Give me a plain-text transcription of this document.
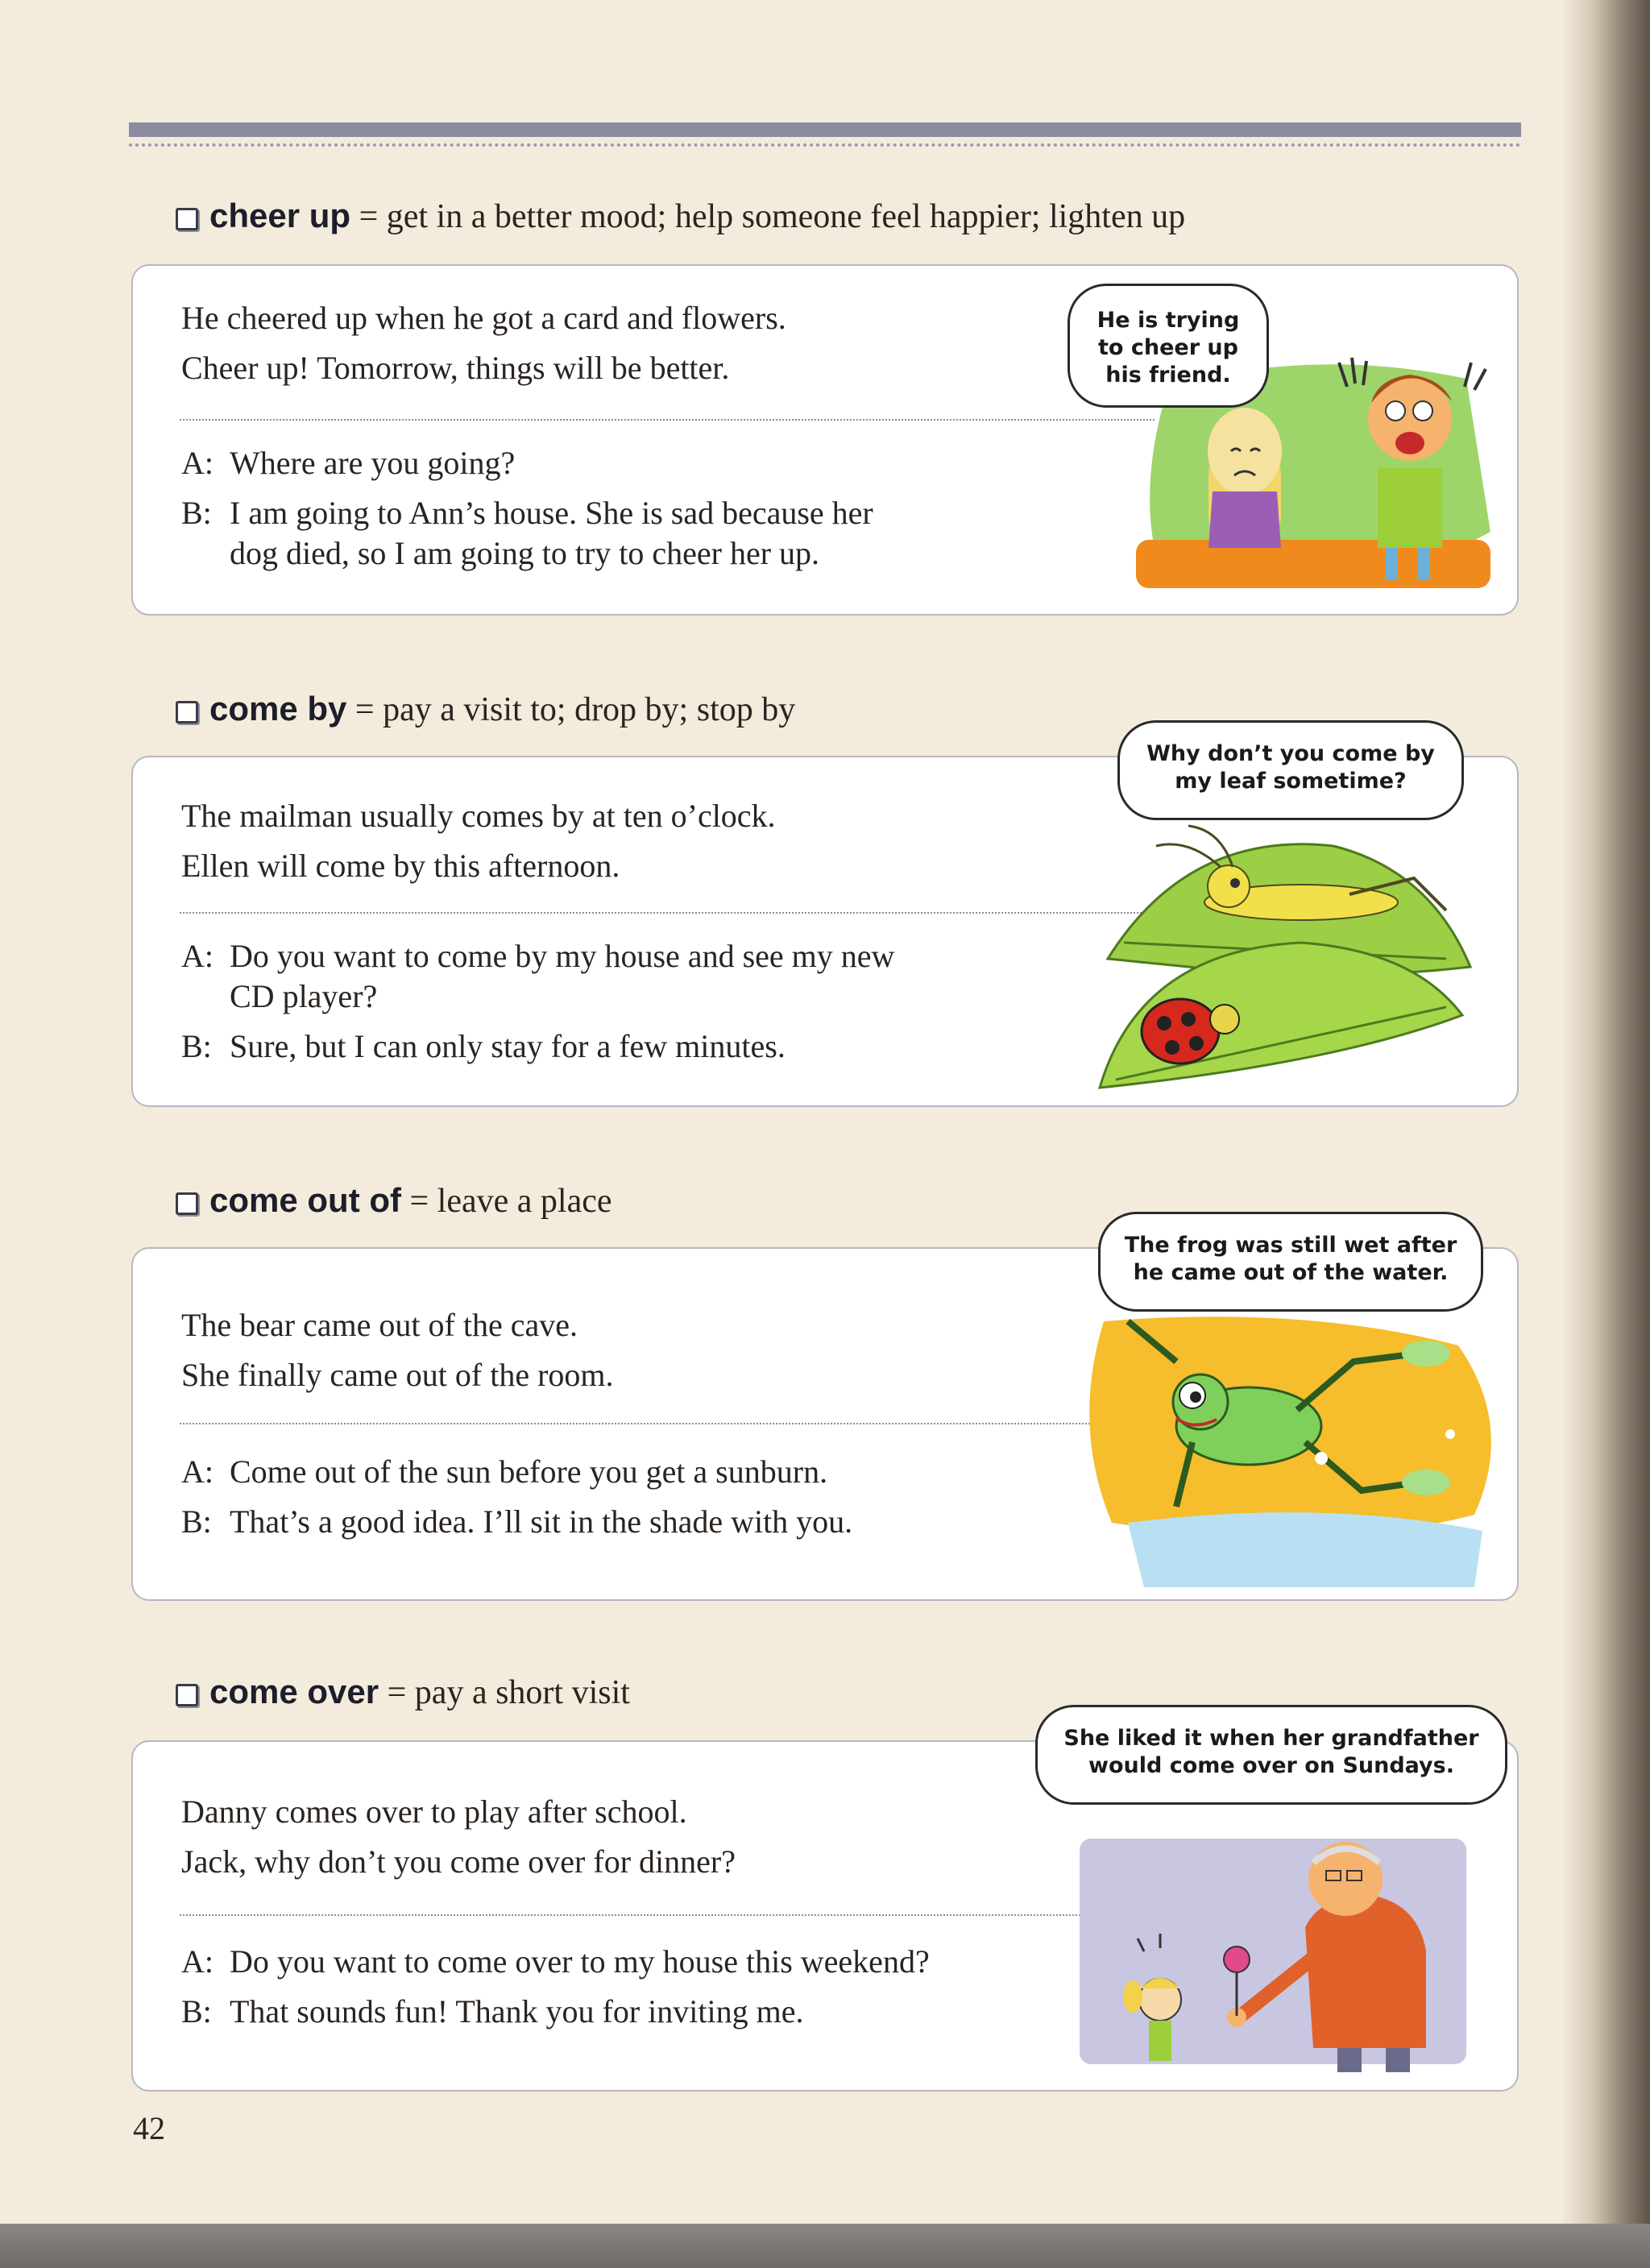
cheer up = get in a better mood; help someone feel happier; lighten up
He cheered up when he got a card and flowers.
Cheer up! Tomorrow, things will be better.
A: Where are you going?
B: I am going to Ann’s house. She is sad because her
dog died, so I am going to try to cheer her up.
He is trying
to cheer up
his friend.
come by = pay a visit to; drop by; stop by
The mailman usually comes by at ten o’clock.
Ellen will come by this afternoon.
A: Do you want to come by my house and see my new
CD player?
B: Sure, but I can only stay for a few minutes.
Why don’t you come by
my leaf sometime?
come out of = leave a place
The bear came out of the cave.
She finally came out of the room.
A: Come out of the sun before you get a sunburn.
B: That’s a good idea. I’ll sit in the shade with you.
The frog was still wet after
he came out of the water.
come over = pay a short visit
Danny comes over to play after school.
Jack, why don’t you come over for dinner?
A: Do you want to come over to my house this weekend?
B: That sounds fun! Thank you for inviting me.
She liked it when her grandfather
would come over on Sundays.
42
